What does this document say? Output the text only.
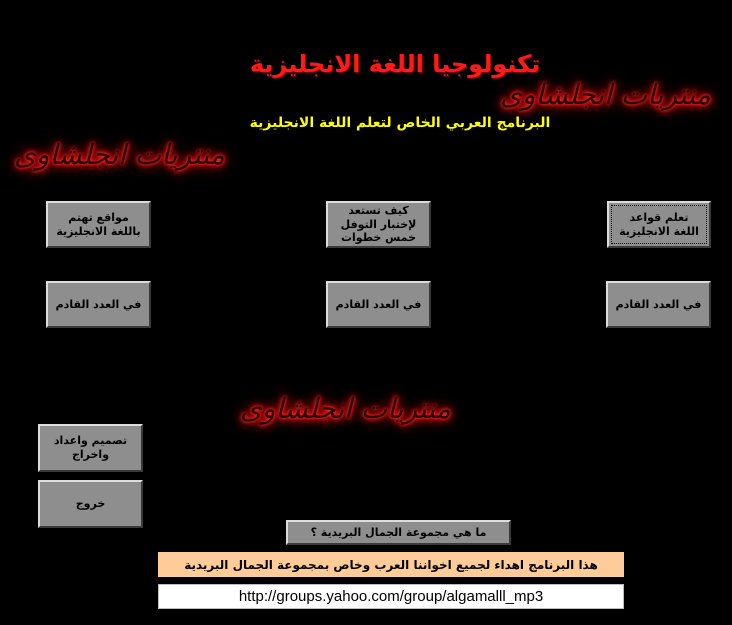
تكنولوجيا اللغة الانجليزية
منتريات انجلشاوى
البرنامج العربي الخاص لتعلم اللغة الانجليزية
منتريات انجلشاوى
تعلم قواعد اللغة الانجليزية
كيف تستعد لإختبار التوفل خمس خطوات
مواقع تهتم باللغة الانجليزية
في العدد القادم
في العدد القادم
في العدد القادم
منتريات انجلشاوى
تصميم واعداد واخراج
خروج
ما هي مجموعة الجمال البريدية ؟
هذا البرنامج اهداء لجميع اخواننا العرب وخاص بمجموعة الجمال البريدية
http://groups.yahoo.com/group/algamalll_mp3
